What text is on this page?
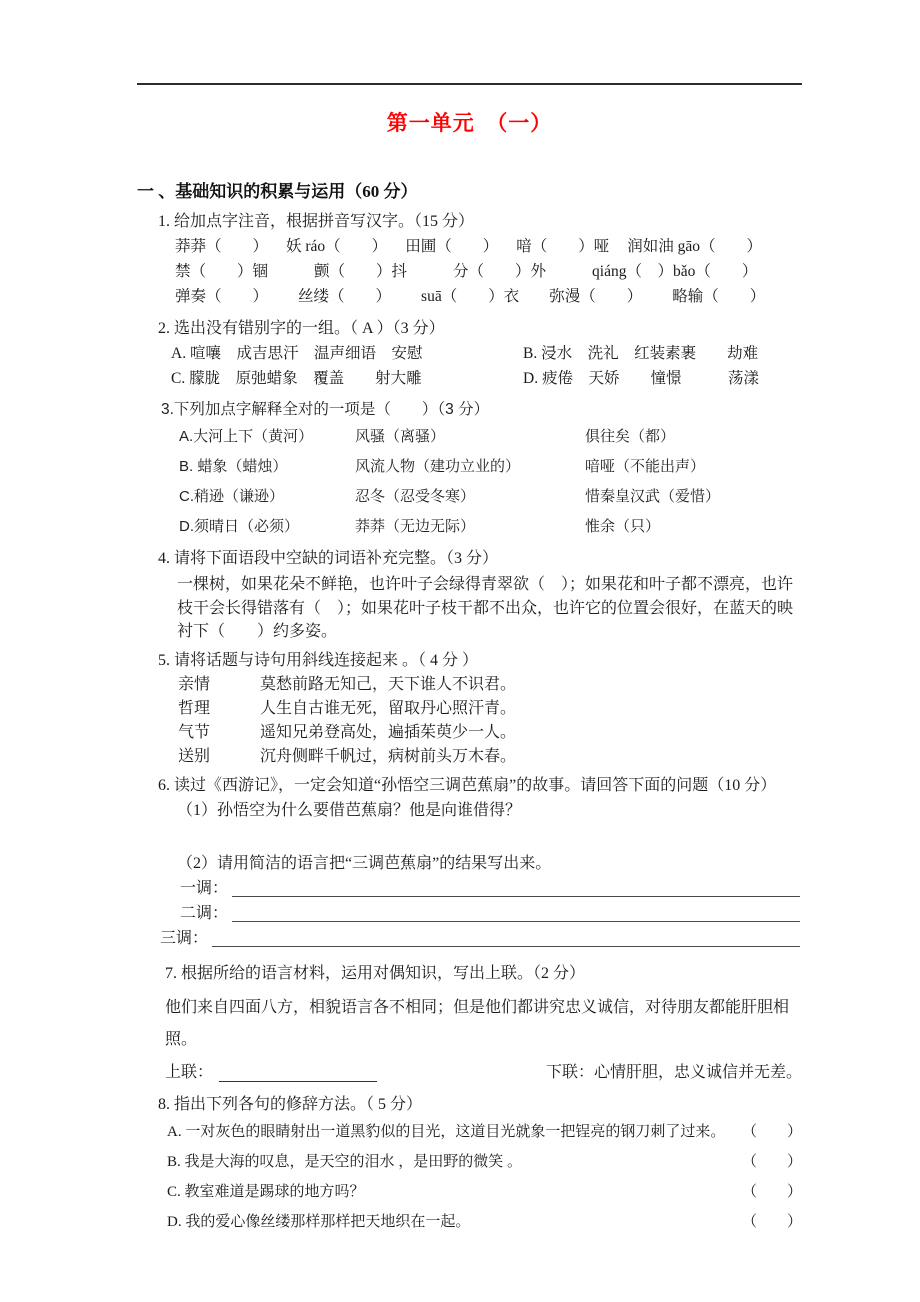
第一单元　（一）
一 、基础知识的积累与运用（60 分）
1. 给加点字注音，根据拼音写汉字。（15 分）
莽莽（　　） 妖 ráo（　　） 田圃（　　） 喑（　　）哑 润如油 gāo（　　）
禁（　　）锢	颤（　　）抖	分（　　）外	qiáng（　）bǎo（　　）
弹奏（　　） 丝缕（　　） suā（　　）衣 弥漫（　　） 略输（　　）
2. 选出没有错别字的一组。（ A ）（3 分）
A. 喧嚷　成吉思汗　温声细语　安慰	B. 浸水　洗礼　红装素裹　　劫难
C. 朦胧　原弛蜡象　覆盖　　射大雕	D. 疲倦　天娇　　憧憬　　　荡漾
3.下列加点字解释全对的一项是（　　）（3 分）
A.大河上下（黄河）	风骚（离骚）	俱往矣（都）
B. 蜡象（蜡烛）	风流人物（建功立业的）	喑哑（不能出声）
C.稍逊（谦逊）	忍冬（忍受冬寒）	惜秦皇汉武（爱惜）
D.须晴日（必须）	莽莽（无边无际）	惟余（只）
4. 请将下面语段中空缺的词语补充完整。（3 分）
一棵树，如果花朵不鲜艳，也许叶子会绿得青翠欲（　）；如果花和叶子都不漂亮，也许枝干会长得错落有（　）；如果花叶子枝干都不出众，也许它的位置会很好，在蓝天的映衬下（　　）约多姿。
5. 请将话题与诗句用斜线连接起来 。（ 4 分 ）
亲情	莫愁前路无知己，天下谁人不识君。
哲理	人生自古谁无死，留取丹心照汗青。
气节	遥知兄弟登高处，遍插茱萸少一人。
送别	沉舟侧畔千帆过，病树前头万木春。
6. 读过《西游记》，一定会知道“孙悟空三调芭蕉扇”的故事。请回答下面的问题（10 分）
（1）孙悟空为什么要借芭蕉扇？他是向谁借得？
（2）请用简洁的语言把“三调芭蕉扇”的结果写出来。
一调：
二调：
三调：
7. 根据所给的语言材料，运用对偶知识，写出上联。（2 分）
他们来自四面八方，相貌语言各不相同；但是他们都讲究忠义诚信，对待朋友都能肝胆相照。
上联：	下联：心情肝胆，忠义诚信并无差。
8. 指出下列各句的修辞方法。（ 5 分）
A. 一对灰色的眼睛射出一道黑豹似的目光，这道目光就象一把锃亮的钢刀刺了过来。 （　　）
B. 我是大海的叹息，是天空的泪水 ，是田野的微笑 。	（　　）
C. 教室难道是踢球的地方吗？	（　　）
D. 我的爱心像丝缕那样那样把天地织在一起。	（　　）
